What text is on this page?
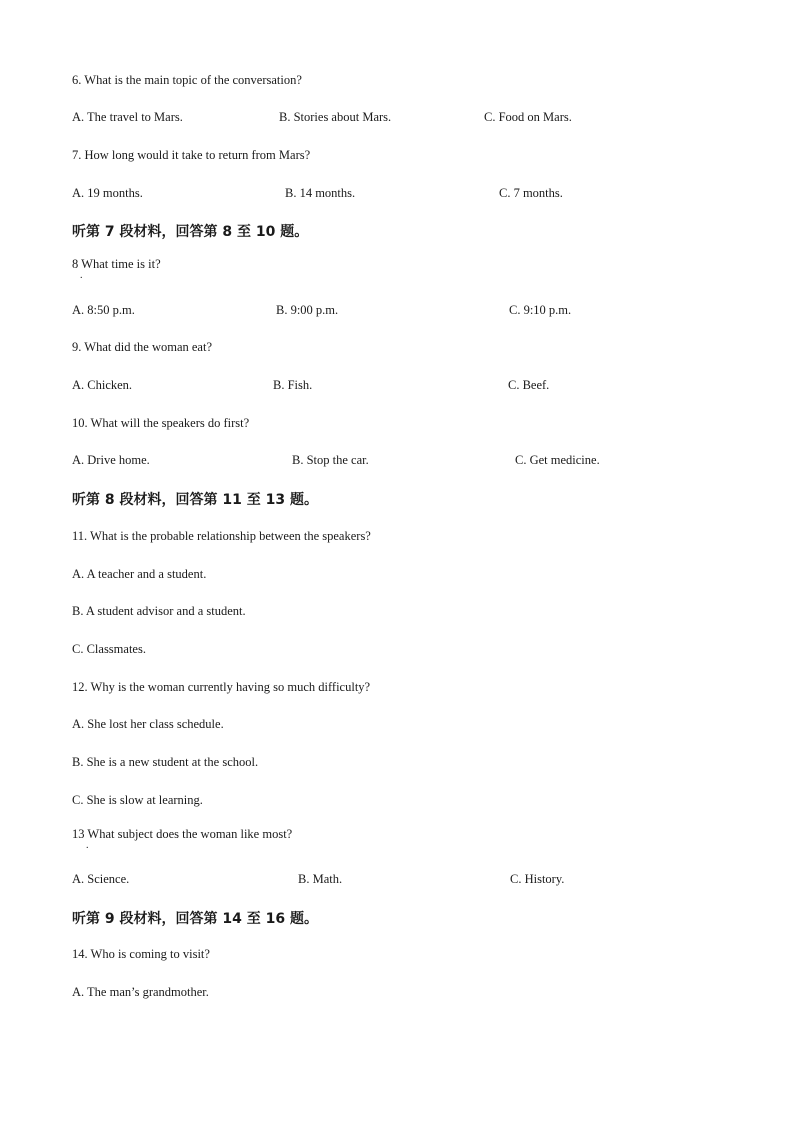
6. What is the main topic of the conversation?
A. The travel to Mars.	B. Stories about Mars.	C. Food on Mars.
7. How long would it take to return from Mars?
A. 19 months.	B. 14 months.	C. 7 months.
听第 7 段材料，回答第 8 至 10 题。
8 What time is it?
.
A. 8:50 p.m.	B. 9:00 p.m.	C. 9:10 p.m.
9. What did the woman eat?
A. Chicken.	B. Fish.	C. Beef.
10. What will the speakers do first?
A. Drive home.	B. Stop the car.	C. Get medicine.
听第 8 段材料，回答第 11 至 13 题。
11. What is the probable relationship between the speakers?
A. A teacher and a student.
B. A student advisor and a student.
C. Classmates.
12. Why is the woman currently having so much difficulty?
A. She lost her class schedule.
B. She is a new student at the school.
C. She is slow at learning.
13 What subject does the woman like most?
.
A. Science.	B. Math.	C. History.
听第 9 段材料，回答第 14 至 16 题。
14. Who is coming to visit?
A. The man’s grandmother.
